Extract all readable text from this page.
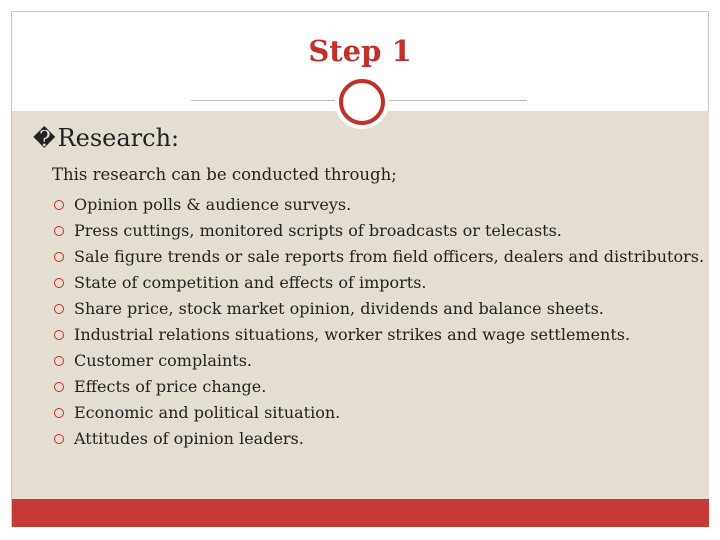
Step 1
�Research:
This research can be conducted through;
Opinion polls & audience surveys.
Press cuttings, monitored scripts of broadcasts or telecasts.
Sale figure trends or sale reports from field officers, dealers and distributors.
State of competition and effects of imports.
Share price, stock market opinion, dividends and balance sheets.
Industrial relations situations, worker strikes and wage settlements.
Customer complaints.
Effects of price change.
Economic and political situation.
Attitudes of opinion leaders.
